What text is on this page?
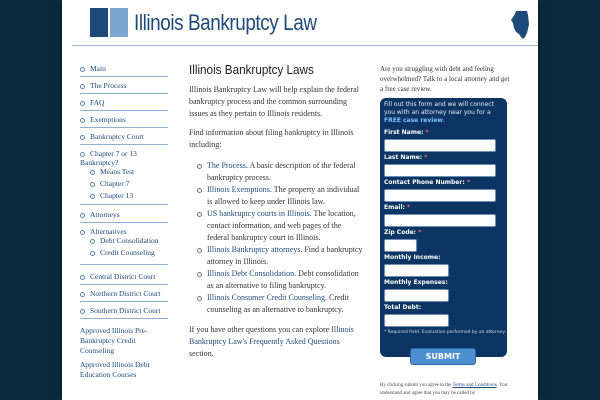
Illinois Bankruptcy Law
Main
The Process
FAQ
Exemptions
Bankruptcy Court
Chapter 7 or 13 Bankruptcy?
Means Test
Chapter 7
Chapter 13
Attorneys
Alternatives
Debt Consolidation
Credit Counseling
Central District Court
Northern District Court
Southern District Court
Approved Illinois Pre-Bankruptcy Credit Counseling
Approved Illinois Debt Education Courses
Illinois Bankruptcy Laws

Illinois Bankruptcy Law will help explain the federal bankruptcy process and the common surrounding issues as they pertain to Illinois residents.

Find information about filing bankruptcy in Illinois including:

The Process. A basic description of the federal bankruptcy process.
Illinois Exemptions. The property an individual is allowed to keep under Illinois law.
US bankruptcy courts in Illinois. The location, contact information, and web pages of the federal bankruptcy court in Illinois.
Illinois Bankruptcy attorneys. Find a bankruptcy attorney in Illinois.
Illinois Debt Consolidation. Debt consolidation as an alternative to filing bankruptcy.
Illinois Consumer Credit Counseling. Credit counseling as an alternative to bankruptcy.

If you have other questions you can explore Illinois Bankruptcy Law's Frequently Asked Questions section.

Are you struggling with debt and feeling overwhelmed? Talk to a local attorney and get a free case review.
Fill out this form and we will connect you with an attorney near you for a FREE case review.
First Name: *
Last Name: *
Contact Phone Number: *
Email: *
Zip Code: *
Monthly Income:
Monthly Expenses:
Total Debt:
* Required field. Evaluation performed by an attorney.
SUBMIT
By clicking submit you agree to the Terms and Conditions. You understand and agree that you may be called by
